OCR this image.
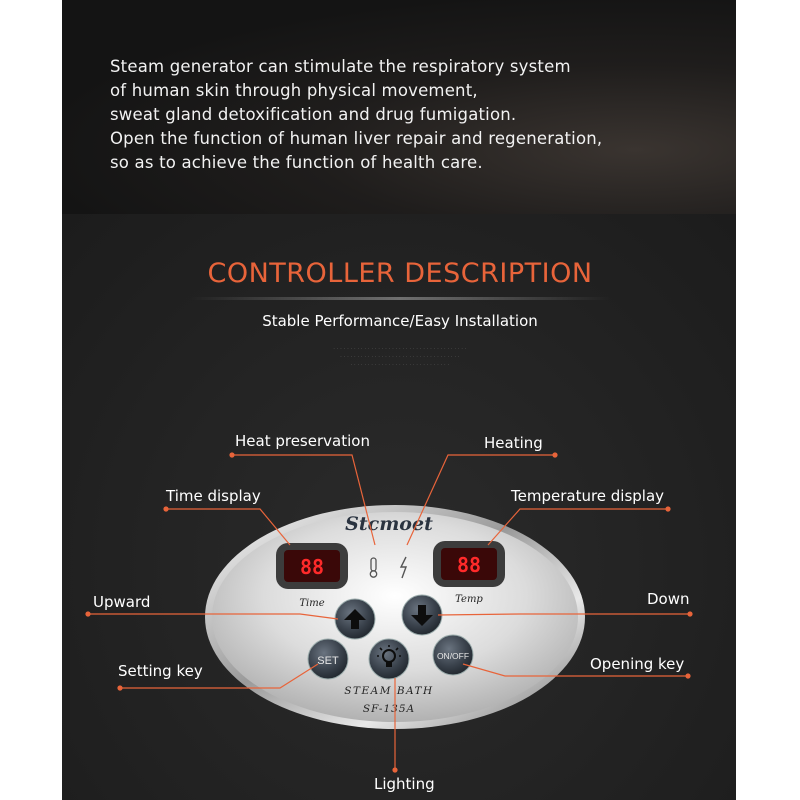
Steam generator can stimulate the respiratory system
of human skin through physical movement,
sweat gland detoxification and drug fumigation.
Open the function of human liver repair and regeneration,
so as to achieve the function of health care.
CONTROLLER DESCRIPTION
Stable Performance/Easy Installation
· · · · · · · · · · · · · · · · · · · · · · · · · · · · · · · · · · · · · · ·
· · · · · · · · · · · · · · · · · · · · · · · · · · · · · · · · · · ·
· · · · · · · · · · · · · · · · · · · · · · · · · · · · ·
Stcmoet
88
Time
88
Temp
SET	ON/OFF
STEAM BATH
SF-135A
Heat preservation	Heating
Time display	Temperature display
Upward	Down
Setting key	Opening key
Lighting
